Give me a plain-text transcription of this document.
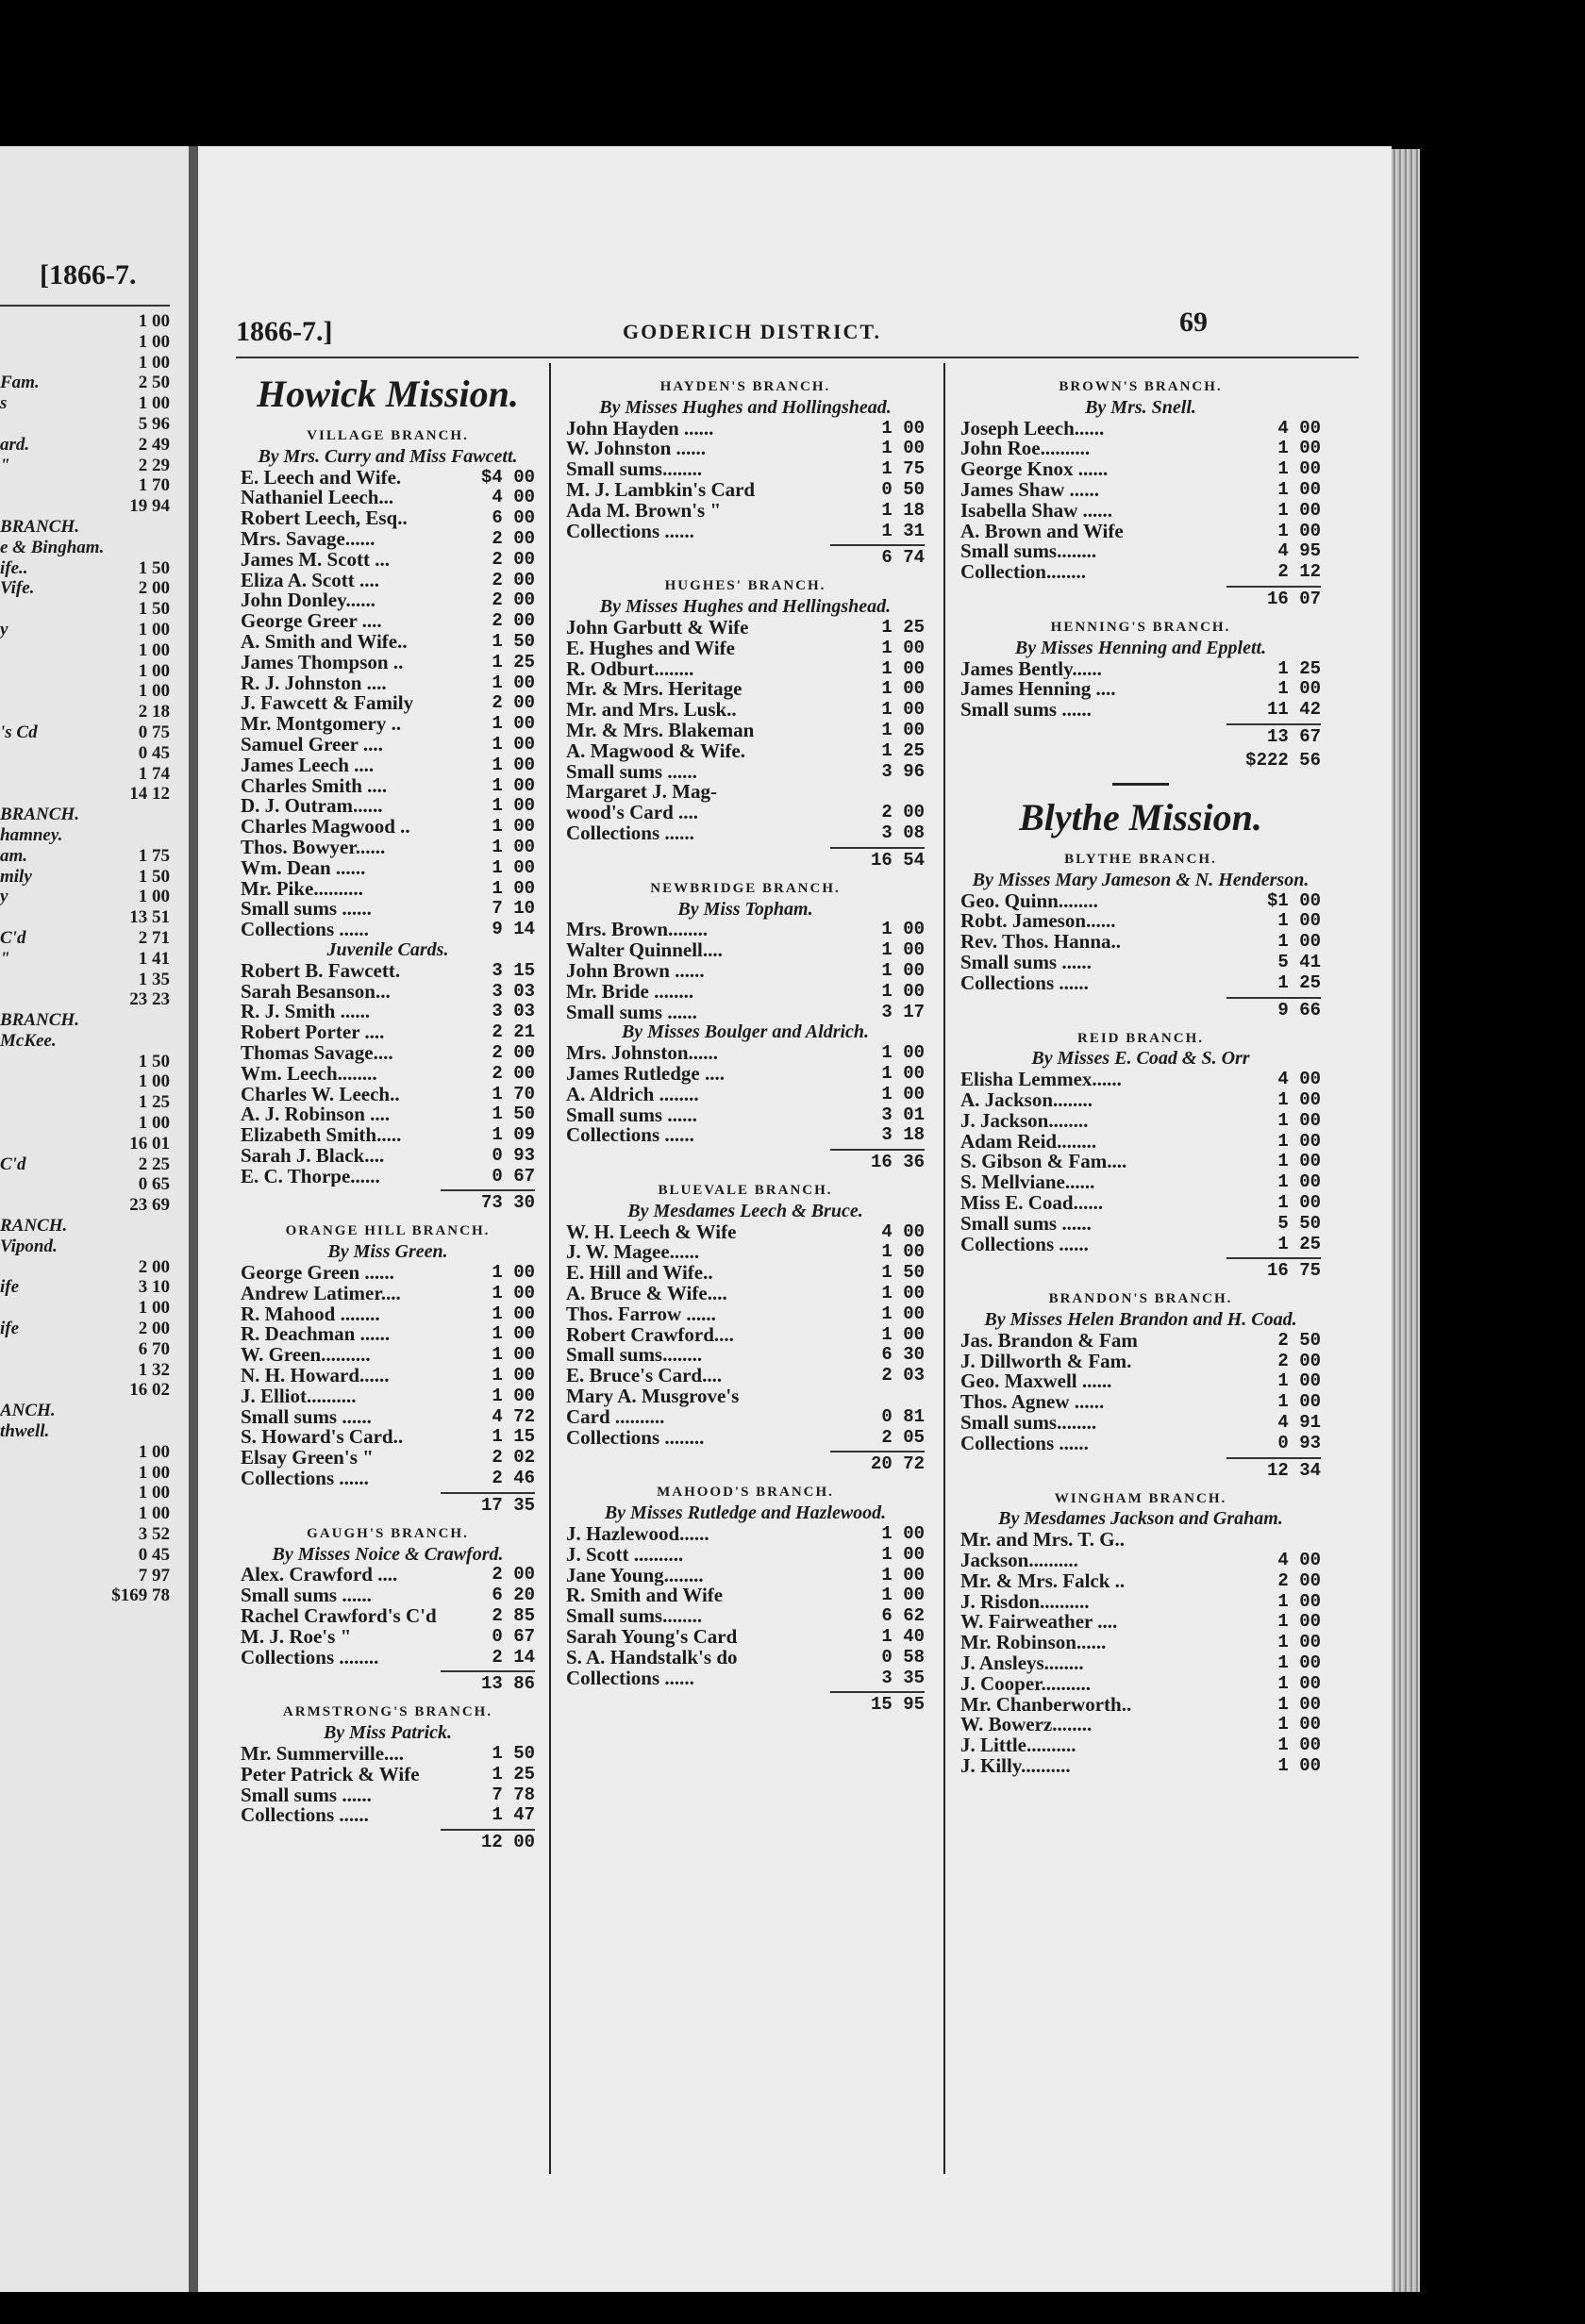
[1866-7.
1 00
1 00
1 00
Fam.	2 50
s	1 00
5 96
ard.	2 49
"	2 29
1 70
19 94
BRANCH.
e & Bingham.
ife..	1 50
Vife.	2 00
1 50
y	1 00
1 00
1 00
1 00
2 18
's Cd	0 75
0 45
1 74
14 12
BRANCH.
hamney.
am.	1 75
mily	1 50
y	1 00
13 51
C'd	2 71
"	1 41
1 35
23 23
BRANCH.
McKee.
1 50
1 00
1 25
1 00
16 01
C'd	2 25
0 65
23 69
RANCH.
Vipond.
2 00
ife	3 10
1 00
ife	2 00
6 70
1 32
16 02
ANCH.
thwell.
1 00
1 00
1 00
1 00
3 52
0 45
7 97
$169 78
1866-7.]	GODERICH DISTRICT.	69
Howick Mission.
VILLAGE BRANCH.
By Mrs. Curry and Miss Fawcett.
E. Leech and Wife.	$4 00
Nathaniel Leech...	4 00
Robert Leech, Esq..	6 00
Mrs. Savage......	2 00
James M. Scott ...	2 00
Eliza A. Scott ....	2 00
John Donley......	2 00
George Greer ....	2 00
A. Smith and Wife..	1 50
James Thompson ..	1 25
R. J. Johnston ....	1 00
J. Fawcett & Family	2 00
Mr. Montgomery ..	1 00
Samuel Greer ....	1 00
James Leech ....	1 00
Charles Smith ....	1 00
D. J. Outram......	1 00
Charles Magwood ..	1 00
Thos. Bowyer......	1 00
Wm. Dean ......	1 00
Mr. Pike..........	1 00
Small sums ......	7 10
Collections ......	9 14
Juvenile Cards.
Robert B. Fawcett.	3 15
Sarah Besanson...	3 03
R. J. Smith ......	3 03
Robert Porter ....	2 21
Thomas Savage....	2 00
Wm. Leech........	2 00
Charles W. Leech..	1 70
A. J. Robinson ....	1 50
Elizabeth Smith.....	1 09
Sarah J. Black....	0 93
E. C. Thorpe......	0 67
73 30
ORANGE HILL BRANCH.
By Miss Green.
George Green ......	1 00
Andrew Latimer....	1 00
R. Mahood ........	1 00
R. Deachman ......	1 00
W. Green..........	1 00
N. H. Howard......	1 00
J. Elliot..........	1 00
Small sums ......	4 72
S. Howard's Card..	1 15
Elsay Green's "	2 02
Collections ......	2 46
17 35
GAUGH'S BRANCH.
By Misses Noice & Crawford.
Alex. Crawford ....	2 00
Small sums ......	6 20
Rachel Crawford's C'd	2 85
M. J. Roe's "	0 67
Collections ........	2 14
13 86
ARMSTRONG'S BRANCH.
By Miss Patrick.
Mr. Summerville....	1 50
Peter Patrick & Wife	1 25
Small sums ......	7 78
Collections ......	1 47
12 00
HAYDEN'S BRANCH.
By Misses Hughes and Hollingshead.
John Hayden ......	1 00
W. Johnston ......	1 00
Small sums........	1 75
M. J. Lambkin's Card	0 50
Ada M. Brown's "	1 18
Collections ......	1 31
6 74
HUGHES' BRANCH.
By Misses Hughes and Hellingshead.
John Garbutt & Wife	1 25
E. Hughes and Wife	1 00
R. Odburt........	1 00
Mr. & Mrs. Heritage	1 00
Mr. and Mrs. Lusk..	1 00
Mr. & Mrs. Blakeman	1 00
A. Magwood & Wife.	1 25
Small sums ......	3 96
Margaret J. Mag-
wood's Card ....	2 00
Collections ......	3 08
16 54
NEWBRIDGE BRANCH.
By Miss Topham.
Mrs. Brown........	1 00
Walter Quinnell....	1 00
John Brown ......	1 00
Mr. Bride ........	1 00
Small sums ......	3 17
By Misses Boulger and Aldrich.
Mrs. Johnston......	1 00
James Rutledge ....	1 00
A. Aldrich ........	1 00
Small sums ......	3 01
Collections ......	3 18
16 36
BLUEVALE BRANCH.
By Mesdames Leech & Bruce.
W. H. Leech & Wife	4 00
J. W. Magee......	1 00
E. Hill and Wife..	1 50
A. Bruce & Wife....	1 00
Thos. Farrow ......	1 00
Robert Crawford....	1 00
Small sums........	6 30
E. Bruce's Card....	2 03
Mary A. Musgrove's
Card ..........	0 81
Collections ........	2 05
20 72
MAHOOD'S BRANCH.
By Misses Rutledge and Hazlewood.
J. Hazlewood......	1 00
J. Scott ..........	1 00
Jane Young........	1 00
R. Smith and Wife	1 00
Small sums........	6 62
Sarah Young's Card	1 40
S. A. Handstalk's do	0 58
Collections ......	3 35
15 95
BROWN'S BRANCH.
By Mrs. Snell.
Joseph Leech......	4 00
John Roe..........	1 00
George Knox ......	1 00
James Shaw ......	1 00
Isabella Shaw ......	1 00
A. Brown and Wife	1 00
Small sums........	4 95
Collection........	2 12
16 07
HENNING'S BRANCH.
By Misses Henning and Epplett.
James Bently......	1 25
James Henning ....	1 00
Small sums ......	11 42
13 67
$222 56
Blythe Mission.
BLYTHE BRANCH.
By Misses Mary Jameson & N. Henderson.
Geo. Quinn........	$1 00
Robt. Jameson......	1 00
Rev. Thos. Hanna..	1 00
Small sums ......	5 41
Collections ......	1 25
9 66
REID BRANCH.
By Misses E. Coad & S. Orr
Elisha Lemmex......	4 00
A. Jackson........	1 00
J. Jackson........	1 00
Adam Reid........	1 00
S. Gibson & Fam....	1 00
S. Mellviane......	1 00
Miss E. Coad......	1 00
Small sums ......	5 50
Collections ......	1 25
16 75
BRANDON'S BRANCH.
By Misses Helen Brandon and H. Coad.
Jas. Brandon & Fam	2 50
J. Dillworth & Fam.	2 00
Geo. Maxwell ......	1 00
Thos. Agnew ......	1 00
Small sums........	4 91
Collections ......	0 93
12 34
WINGHAM BRANCH.
By Mesdames Jackson and Graham.
Mr. and Mrs. T. G..
Jackson..........	4 00
Mr. & Mrs. Falck ..	2 00
J. Risdon..........	1 00
W. Fairweather ....	1 00
Mr. Robinson......	1 00
J. Ansleys........	1 00
J. Cooper..........	1 00
Mr. Chanberworth..	1 00
W. Bowerz........	1 00
J. Little..........	1 00
J. Killy..........	1 00
